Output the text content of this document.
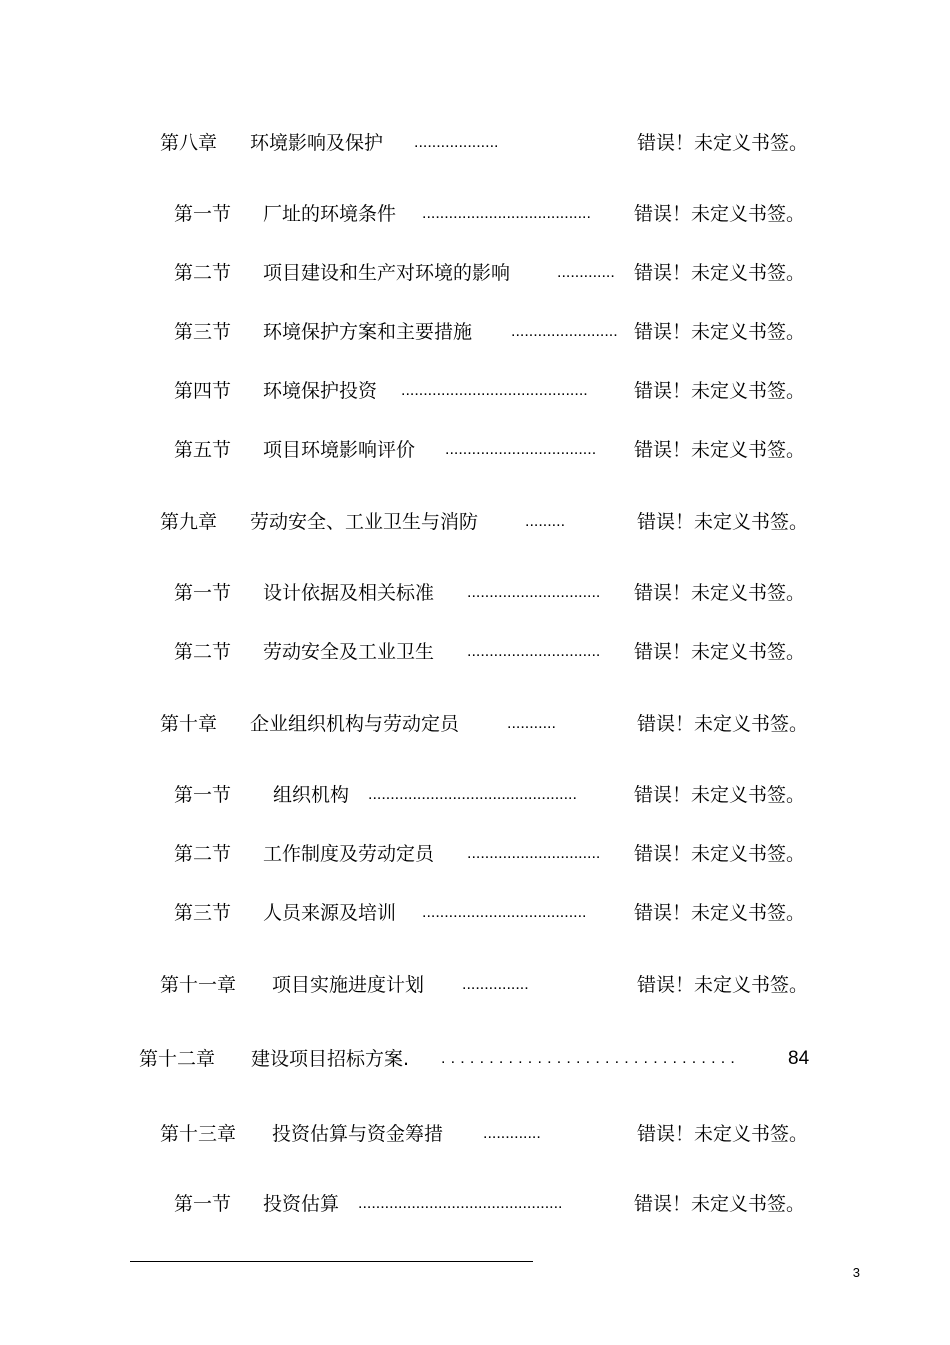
第八章 环境影响及保护 ...................	错误！未定义书签。
第一节 厂址的环境条件 ......................................	错误！未定义书签。
第二节 项目建设和生产对环境的影响	.............	错误！未定义书签。
第三节 环境保护方案和主要措施 ........................ 错误！未定义书签。
第四节 环境保护投资 ..........................................	错误！未定义书签。
第五节 项目环境影响评价 ..................................	错误！未定义书签。
第九章 劳动安全、工业卫生与消防	.........	错误！未定义书签。
第一节 设计依据及相关标准 ..............................	错误！未定义书签。
第二节 劳动安全及工业卫生 ..............................	错误！未定义书签。
第十章 企业组织机构与劳动定员	...........	错误！未定义书签。
第一节 组织机构 ...............................................	错误！未定义书签。
第二节 工作制度及劳动定员 ..............................	错误！未定义书签。
第三节 人员来源及培训 .....................................	错误！未定义书签。
第十一章 项目实施进度计划 ...............	错误！未定义书签。
第十二章 建设项目招标方案. ...............................	84
第十三章 投资估算与资金筹措 .............	错误！未定义书签。
第一节 投资估算 ..............................................	错误！未定义书签。
3
